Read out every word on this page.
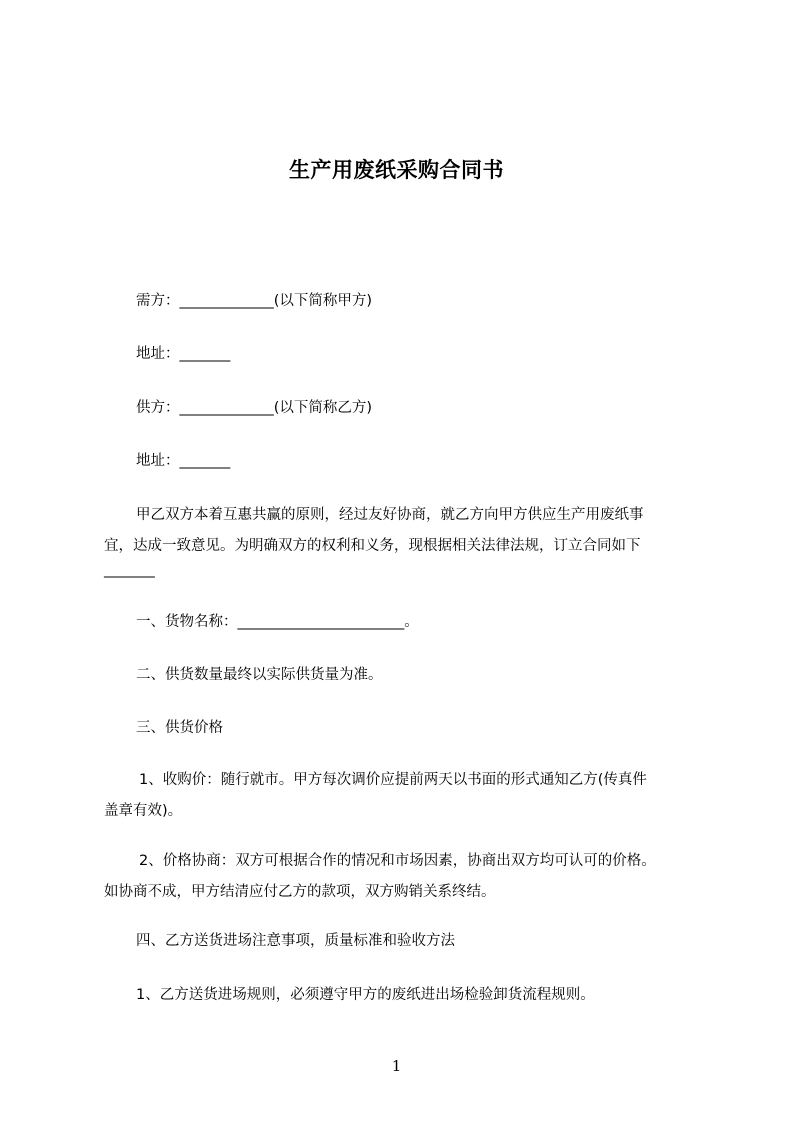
生产用废纸采购合同书
需方：_____________(以下简称甲方)
地址：_______
供方：_____________(以下简称乙方)
地址：_______
甲乙双方本着互惠共赢的原则，经过友好协商，就乙方向甲方供应生产用废纸事
宜，达成一致意见。为明确双方的权利和义务，现根据相关法律法规，订立合同如下
_______
一、货物名称：_______________________。
二、供货数量最终以实际供货量为准。
三、供货价格
1、收购价：随行就市。甲方每次调价应提前两天以书面的形式通知乙方(传真件
盖章有效)。
2、价格协商：双方可根据合作的情况和市场因素，协商出双方均可认可的价格。
如协商不成，甲方结清应付乙方的款项，双方购销关系终结。
四、乙方送货进场注意事项，质量标准和验收方法
1、乙方送货进场规则，必须遵守甲方的废纸进出场检验卸货流程规则。
1
